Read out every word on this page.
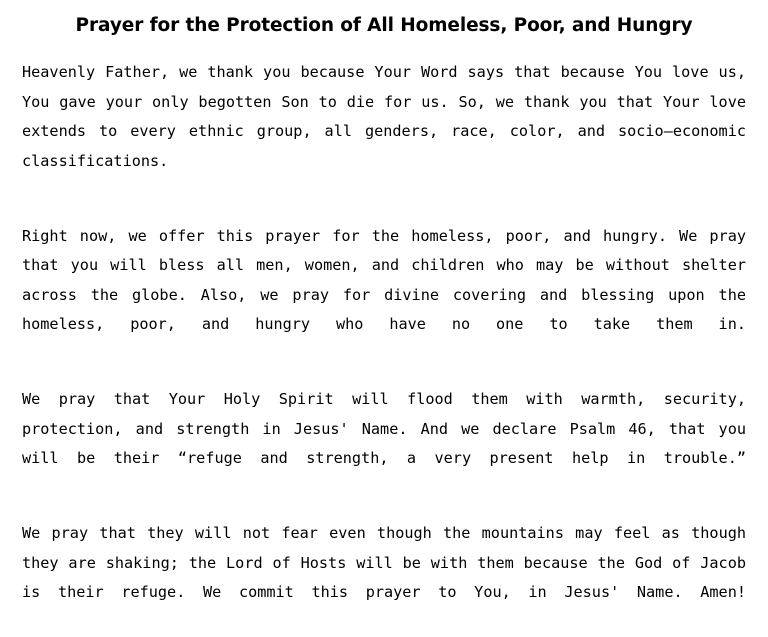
Prayer for the Protection of All Homeless, Poor, and Hungry

Heavenly Father, we thank you because Your Word says that because You love us, You gave your only begotten Son to die for us. So, we thank you that Your love extends to every ethnic group, all genders, race, color, and socio–economic classifications.

Right now, we offer this prayer for the homeless, poor, and hungry. We pray that you will bless all men, women, and children who may be without shelter across the globe. Also, we pray for divine covering and blessing upon the homeless, poor, and hungry who have no one to take them in.

We pray that Your Holy Spirit will flood them with warmth, security, protection, and strength in Jesus' Name. And we declare Psalm 46, that you will be their “refuge and strength, a very present help in trouble.”

We pray that they will not fear even though the mountains may feel as though they are shaking; the Lord of Hosts will be with them because the God of Jacob is their refuge. We commit this prayer to You, in Jesus' Name. Amen!
